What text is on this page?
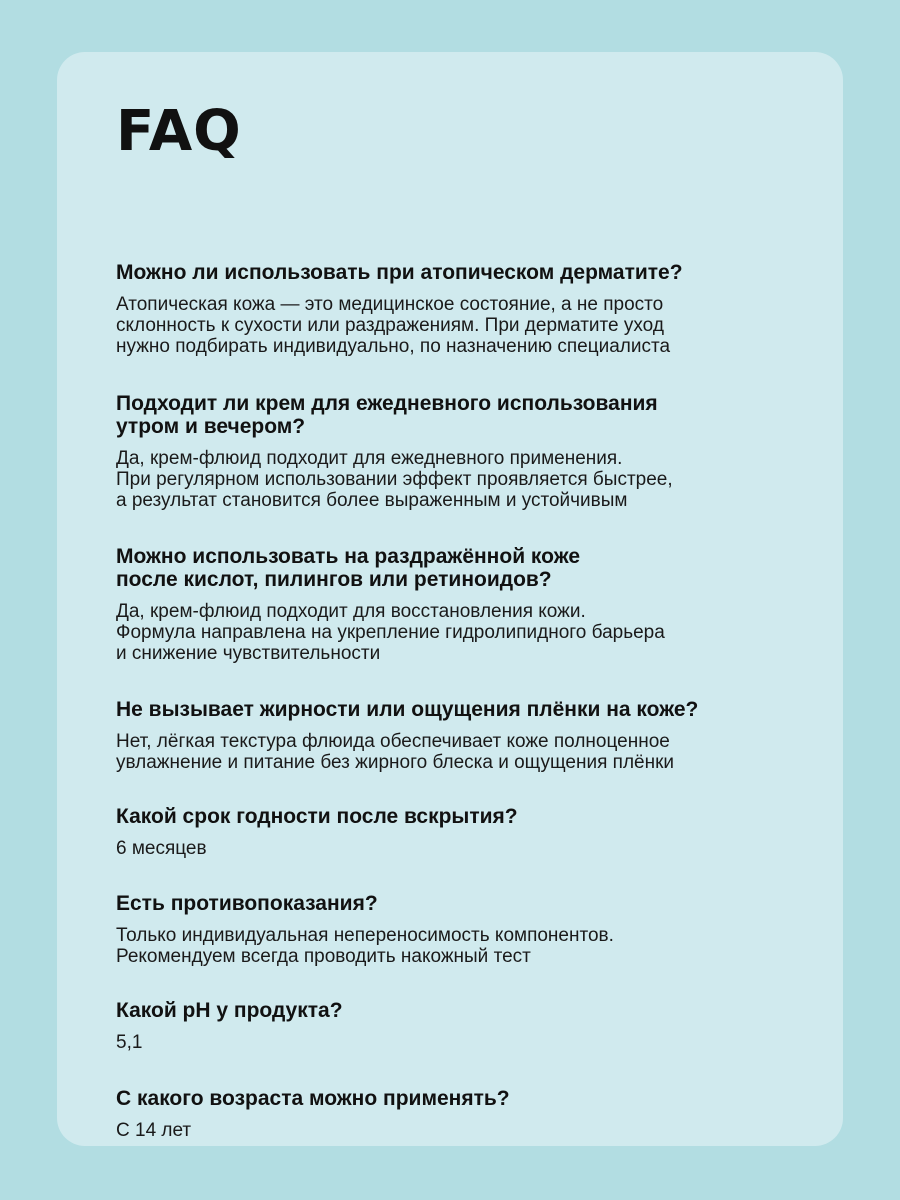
FAQ

Можно ли использовать при атопическом дерматите?

Атопическая кожа — это медицинское состояние, а не просто
склонность к сухости или раздражениям. При дерматите уход
нужно подбирать индивидуально, по назначению специалиста

Подходит ли крем для ежедневного использования
утром и вечером?

Да, крем-флюид подходит для ежедневного применения.
При регулярном использовании эффект проявляется быстрее,
а результат становится более выраженным и устойчивым

Можно использовать на раздражённой коже
после кислот, пилингов или ретиноидов?

Да, крем-флюид подходит для восстановления кожи.
Формула направлена на укрепление гидролипидного барьера
и снижение чувствительности

Не вызывает жирности или ощущения плёнки на коже?

Нет, лёгкая текстура флюида обеспечивает коже полноценное
увлажнение и питание без жирного блеска и ощущения плёнки

Какой срок годности после вскрытия?

6 месяцев

Есть противопоказания?

Только индивидуальная непереносимость компонентов.
Рекомендуем всегда проводить накожный тест

Какой pH у продукта?

5,1

С какого возраста можно применять?

С 14 лет
